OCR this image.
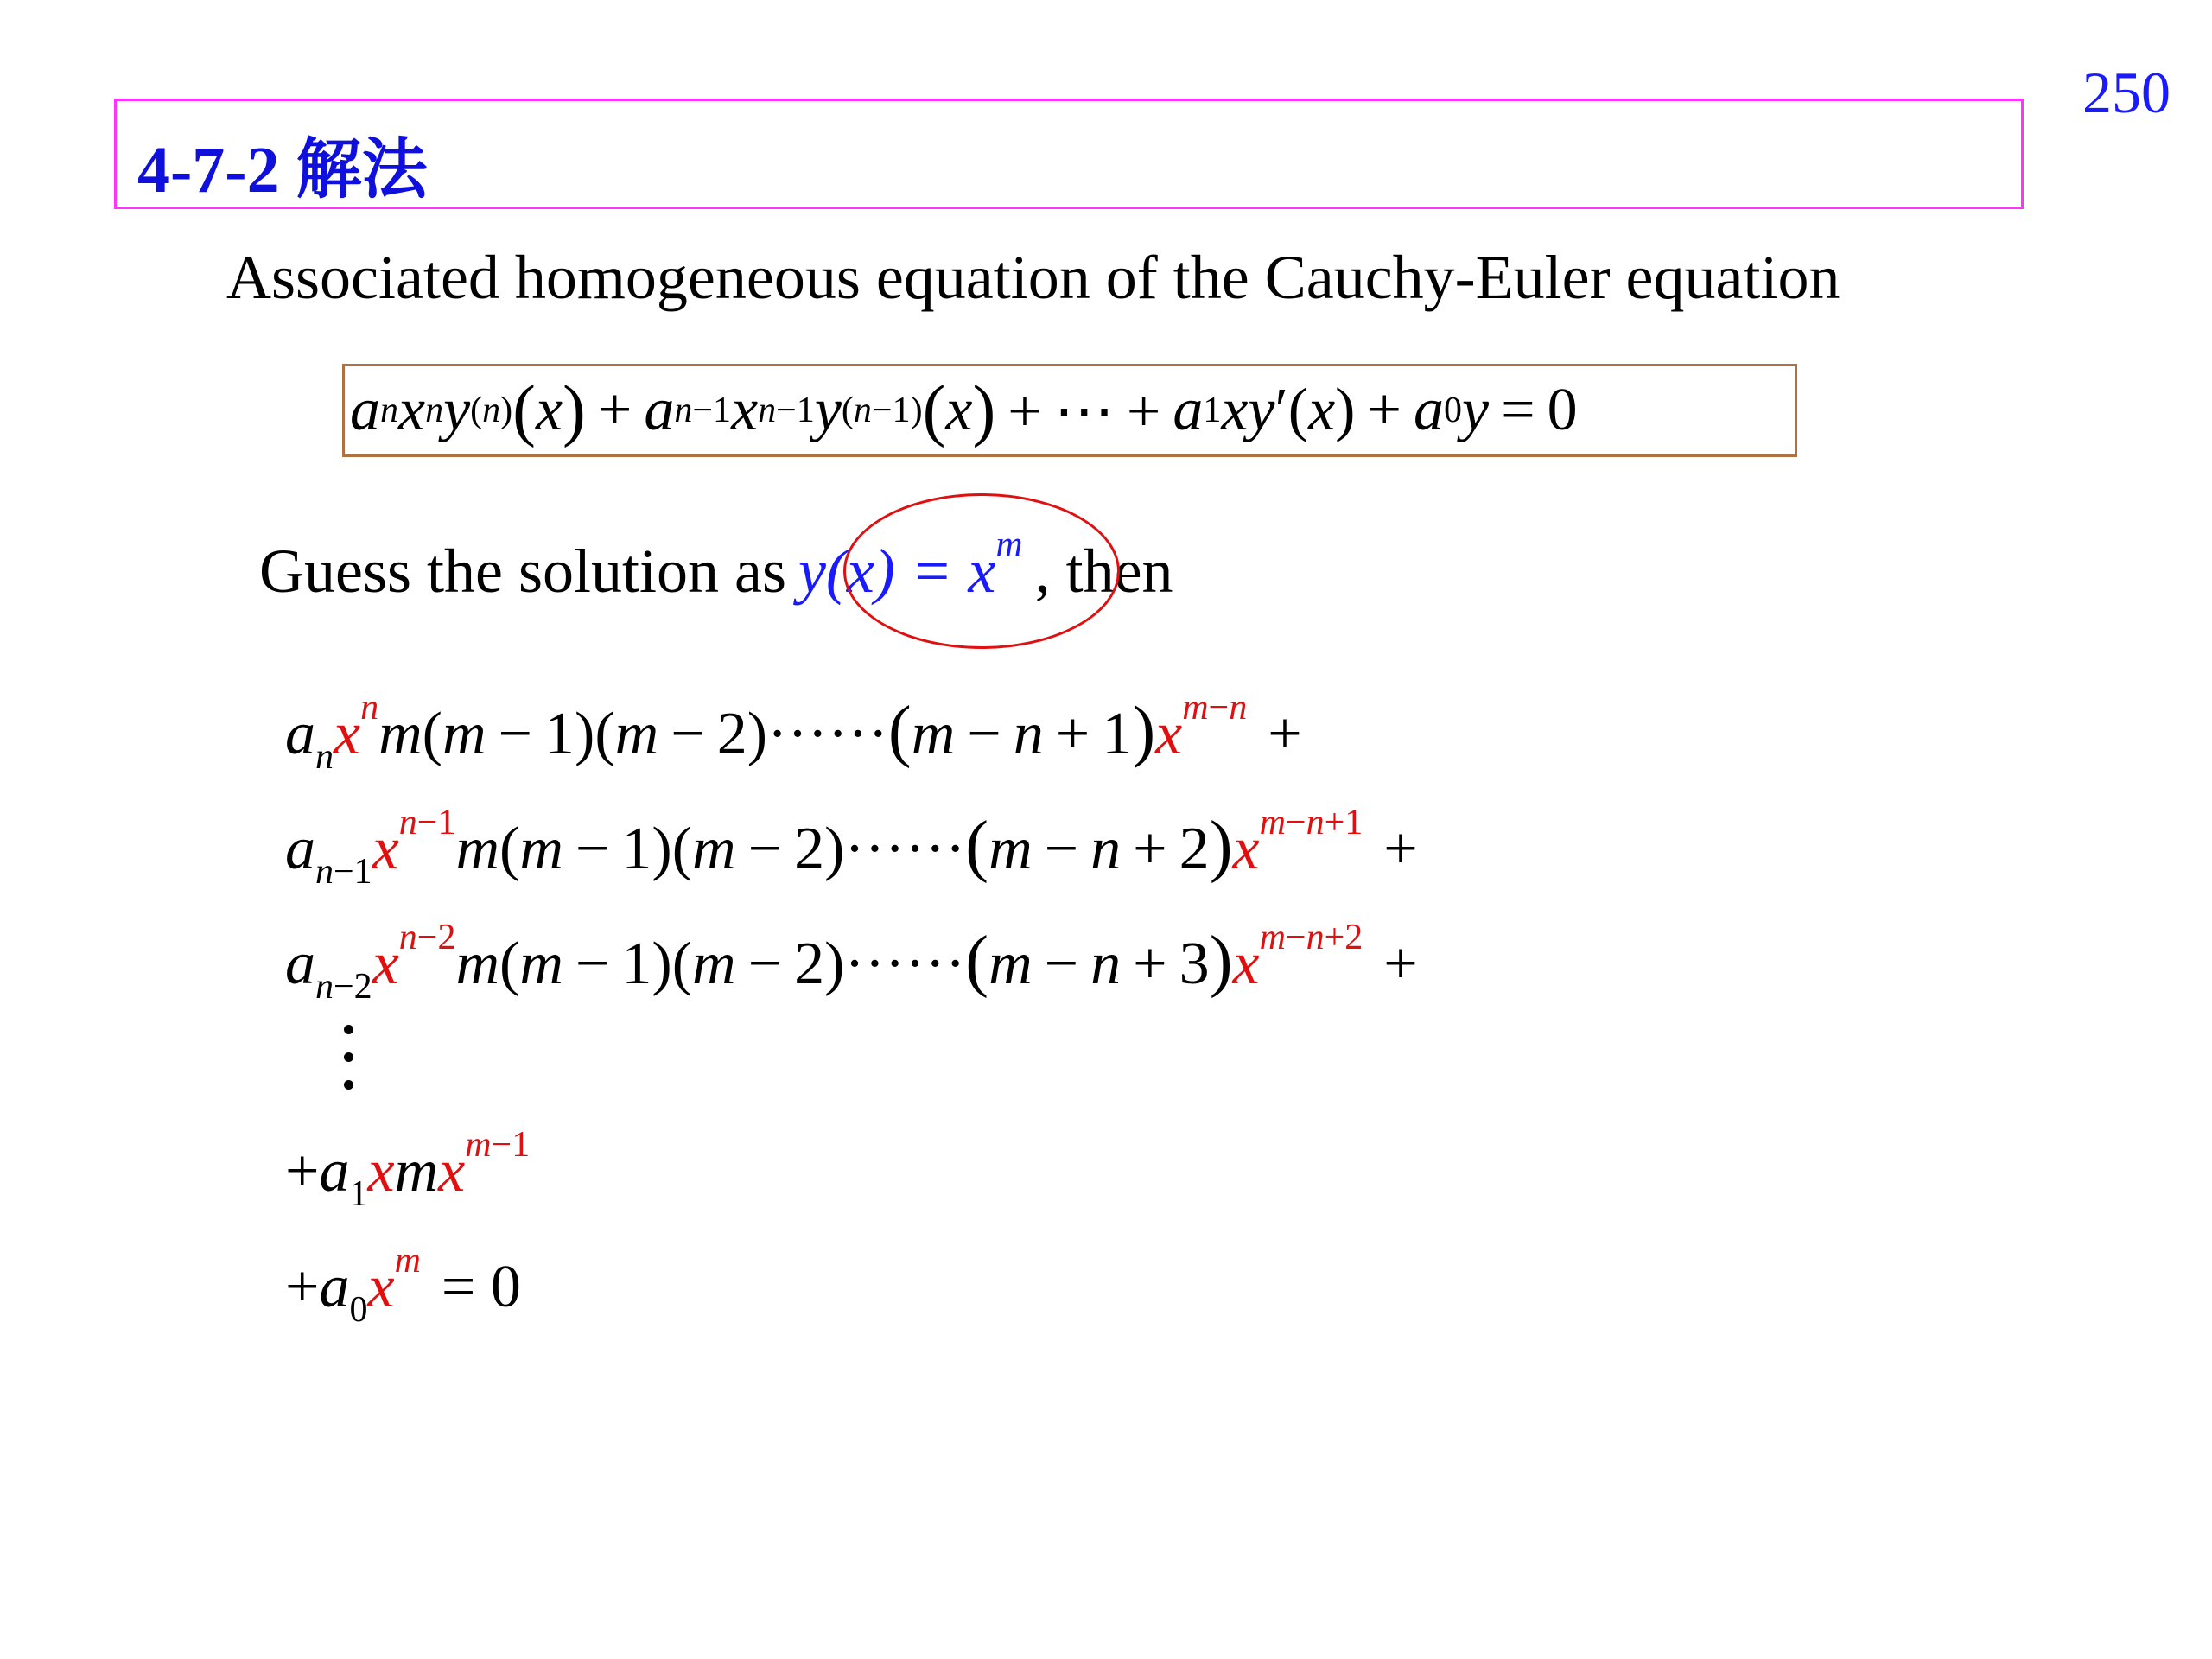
250
4-7-2 解法
Associated homogeneous equation of the Cauchy-Euler equation
a n x n y (n) ( x )  +  a n−1 x n−1 y (n−1) ( x )  + ⋯ +  a 1 xy ′( x ) +  a 0 y  = 0
Guess the solution as $y(x) = x^m$ , then
$a_nx^nm(m - 1)(m - 2)\cdot\cdot\cdot\cdot\cdot\cdot(m - n + 1)x^{m-n}$ +
$a_{n-1}x^{n-1}m(m - 1)(m - 2)\cdot\cdot\cdot\cdot\cdot\cdot(m - n + 2)x^{m-n+1}$ +
$a_{n-2}x^{n-2}m(m - 1)(m - 2)\cdot\cdot\cdot\cdot\cdot\cdot(m - n + 3)x^{m-n+2}$ +
$+a_1xmx^{m-1}$
$+a_0x^m = 0$
